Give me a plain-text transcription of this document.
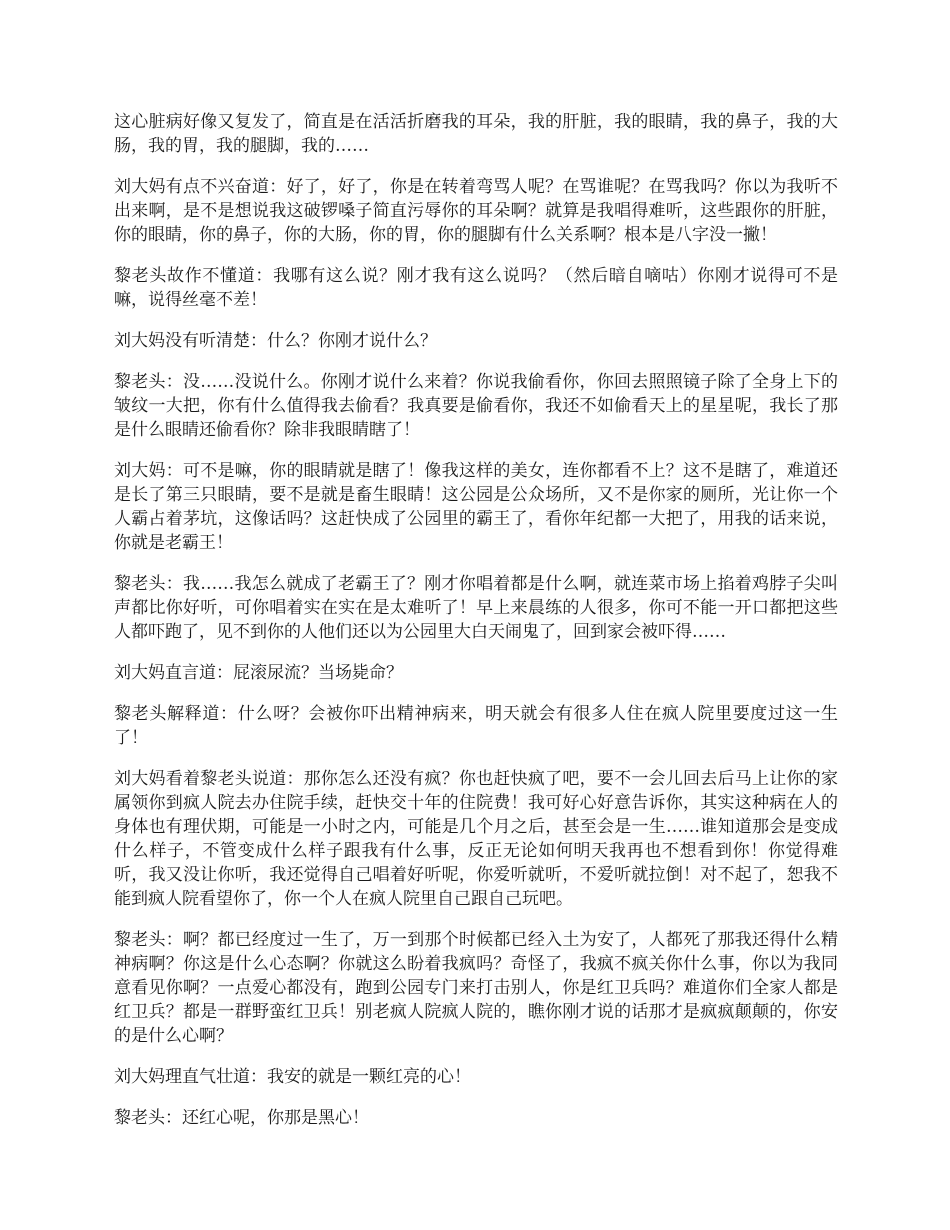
这心脏病好像又复发了，简直是在活活折磨我的耳朵，我的肝脏，我的眼睛，我的鼻子，我的大肠，我的胃，我的腿脚，我的……

刘大妈有点不兴奋道：好了，好了，你是在转着弯骂人呢？在骂谁呢？在骂我吗？你以为我听不出来啊，是不是想说我这破锣嗓子简直污辱你的耳朵啊？就算是我唱得难听，这些跟你的肝脏，你的眼睛，你的鼻子，你的大肠，你的胃，你的腿脚有什么关系啊？根本是八字没一撇！

黎老头故作不懂道：我哪有这么说？刚才我有这么说吗？（然后暗自嘀咕）你刚才说得可不是嘛，说得丝毫不差！

刘大妈没有听清楚：什么？你刚才说什么？

黎老头：没……没说什么。你刚才说什么来着？你说我偷看你，你回去照照镜子除了全身上下的皱纹一大把，你有什么值得我去偷看？我真要是偷看你，我还不如偷看天上的星星呢，我长了那是什么眼睛还偷看你？除非我眼睛瞎了！

刘大妈：可不是嘛，你的眼睛就是瞎了！像我这样的美女，连你都看不上？这不是瞎了，难道还是长了第三只眼睛，要不是就是畜生眼睛！这公园是公众场所，又不是你家的厕所，光让你一个人霸占着茅坑，这像话吗？这赶快成了公园里的霸王了，看你年纪都一大把了，用我的话来说，你就是老霸王！

黎老头：我……我怎么就成了老霸王了？刚才你唱着都是什么啊，就连菜市场上掐着鸡脖子尖叫声都比你好听，可你唱着实在实在是太难听了！早上来晨练的人很多，你可不能一开口都把这些人都吓跑了，见不到你的人他们还以为公园里大白天闹鬼了，回到家会被吓得……

刘大妈直言道：屁滚尿流？当场毙命？

黎老头解释道：什么呀？会被你吓出精神病来，明天就会有很多人住在疯人院里要度过这一生了！

刘大妈看着黎老头说道：那你怎么还没有疯？你也赶快疯了吧，要不一会儿回去后马上让你的家属领你到疯人院去办住院手续，赶快交十年的住院费！我可好心好意告诉你，其实这种病在人的身体也有理伏期，可能是一小时之内，可能是几个月之后，甚至会是一生……谁知道那会是变成什么样子，不管变成什么样子跟我有什么事，反正无论如何明天我再也不想看到你！你觉得难听，我又没让你听，我还觉得自己唱着好听呢，你爱听就听，不爱听就拉倒！对不起了，恕我不能到疯人院看望你了，你一个人在疯人院里自己跟自己玩吧。

黎老头：啊？都已经度过一生了，万一到那个时候都已经入土为安了，人都死了那我还得什么精神病啊？你这是什么心态啊？你就这么盼着我疯吗？奇怪了，我疯不疯关你什么事，你以为我同意看见你啊？一点爱心都没有，跑到公园专门来打击别人，你是红卫兵吗？难道你们全家人都是红卫兵？都是一群野蛮红卫兵！别老疯人院疯人院的，瞧你刚才说的话那才是疯疯颠颠的，你安的是什么心啊？

刘大妈理直气壮道：我安的就是一颗红亮的心！

黎老头：还红心呢，你那是黑心！
